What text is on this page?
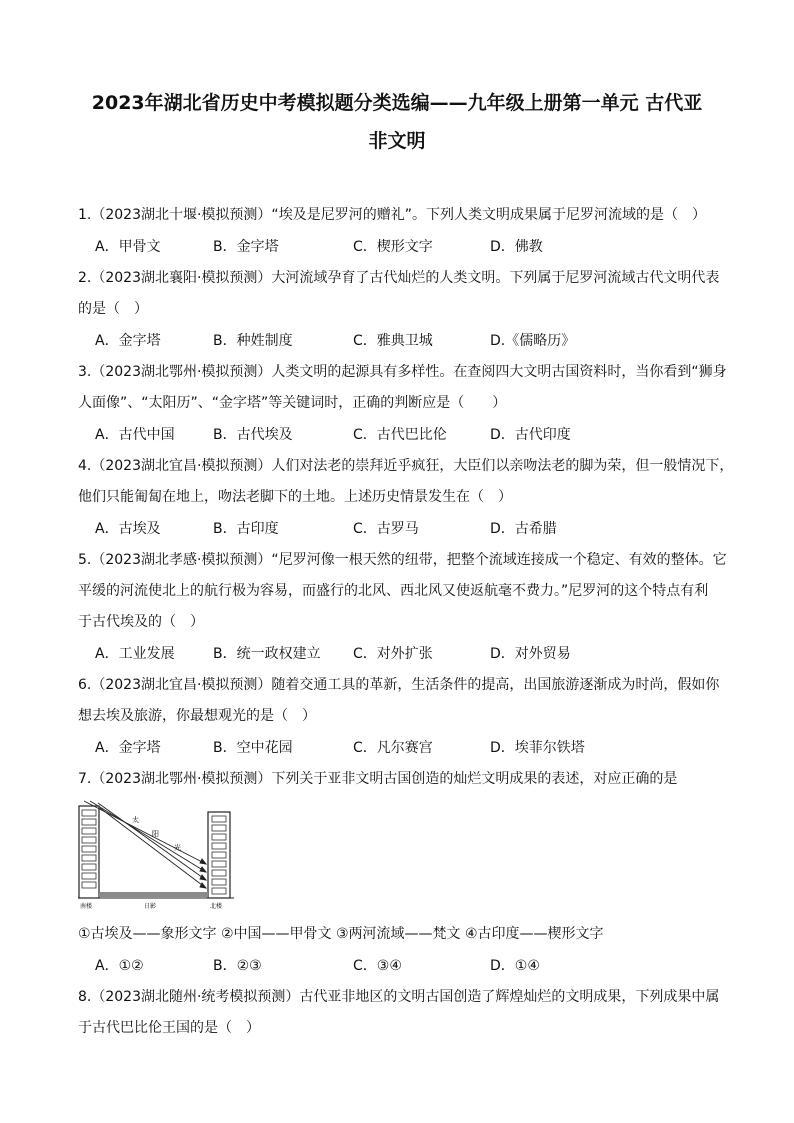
2023年湖北省历史中考模拟题分类选编——九年级上册第一单元 古代亚
非文明
1.（2023湖北十堰·模拟预测）“埃及是尼罗河的赠礼”。下列人类文明成果属于尼罗河流域的是（　）
A．甲骨文	B．金字塔	C．楔形文字	D．佛教
2.（2023湖北襄阳·模拟预测）大河流域孕育了古代灿烂的人类文明。下列属于尼罗河流域古代文明代表
的是（　）
A．金字塔	B．种姓制度	C．雅典卫城	D.《儒略历》
3.（2023湖北鄂州·模拟预测）人类文明的起源具有多样性。在查阅四大文明古国资料时，当你看到“狮身
人面像”、“太阳历”、“金字塔”等关键词时，正确的判断应是（　　）
A．古代中国	B．古代埃及	C．古代巴比伦	D．古代印度
4.（2023湖北宜昌·模拟预测）人们对法老的崇拜近乎疯狂，大臣们以亲吻法老的脚为荣，但一般情况下，
他们只能匍匐在地上，吻法老脚下的土地。上述历史情景发生在（　）
A．古埃及	B．古印度	C．古罗马	D．古希腊
5.（2023湖北孝感·模拟预测）“尼罗河像一根天然的纽带，把整个流域连接成一个稳定、有效的整体。它
平缓的河流使北上的航行极为容易，而盛行的北风、西北风又使返航毫不费力。”尼罗河的这个特点有利
于古代埃及的（　）
A．工业发展	B．统一政权建立 C．对外扩张	D．对外贸易
6.（2023湖北宜昌·模拟预测）随着交通工具的革新，生活条件的提高，出国旅游逐渐成为时尚，假如你
想去埃及旅游，你最想观光的是（　）
A．金字塔	B．空中花园	C．凡尔赛宫	D．埃菲尔铁塔
7.（2023湖北鄂州·模拟预测）下列关于亚非文明古国创造的灿烂文明成果的表述，对应正确的是
太
阳
光
南楼	日影	北楼
①古埃及——象形文字 ②中国——甲骨文 ③两河流域——梵文 ④古印度——楔形文字
A．①②	B．②③	C．③④	D．①④
8.（2023湖北随州·统考模拟预测）古代亚非地区的文明古国创造了辉煌灿烂的文明成果，下列成果中属
于古代巴比伦王国的是（　）
